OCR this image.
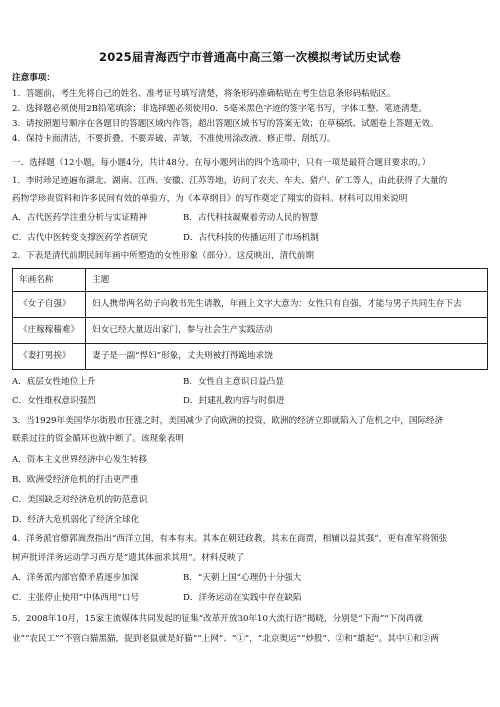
2025届青海西宁市普通高中高三第一次模拟考试历史试卷
注意事项：
1．答题前，考生先将自己的姓名、准考证号填写清楚，将条形码准确粘贴在考生信息条形码粘贴区。
2．选择题必须使用2B铅笔填涂；非选择题必须使用0．5毫米黑色字迹的签字笔书写，字体工整、笔迹清楚。
3．请按照题号顺序在各题目的答题区域内作答，超出答题区域书写的答案无效；在草稿纸、试题卷上答题无效。
4．保持卡面清洁，不要折叠，不要弄破、弄皱，不准使用涂改液、修正带、刮纸刀。
一．选择题（12小题，每小题4分，共计48分。在每小题列出的四个选项中，只有一项是最符合题目要求的。）
1．李时珍足迹遍布湖北、湖南、江西、安徽、江苏等地，访问了农夫、车夫、猎户、矿工等人，由此获得了大量的
药物学珍贵资料和许多民间有效的单验方，为《本草纲目》的写作奠定了翔实的资料。材料可以用来说明
A．古代医药学注重分析与实证精神	B．古代科技凝聚着劳动人民的智慧
C．古代中医转变支撑医药学者研究	D．古代科技的传播运用了市场机制
2．下表是清代前期民间年画中所塑造的女性形象（部分）。这反映出，清代前期
年画名称	主题
《女子自强》	妇人携带两名幼子向教书先生请教，年画上文字大意为：女性只有自强，才能与男子共同生存下去
《庄稼稼穑难》	妇女已经大量迈出家门，参与社会生产实践活动
《妻打男挨》	妻子是一副“悍妇”形象，丈夫则被打得跪地求饶
A．底层女性地位上升	B．女性自主意识日益凸显
C．女性维权意识强烈	D．封建礼教内容与时俱进
3．当1929年美国华尔街股市狂涨之时，美国减少了向欧洲的投资，欧洲的经济立即就陷入了危机之中，国际经济
联系过往的资金循环也就中断了。该现象表明
A．资本主义世界经济中心发生转移
B．欧洲受经济危机的打击更严重
C．美国缺乏对经济危机的防范意识
D．经济大危机弱化了经济全球化
4．洋务派官僚郭嵩焘指出“西洋立国，有本有末。其本在朝廷政教，其末在商贾，相辅以益其强”，更有准军将领张
树声批评洋务运动学习西方是“遗其体面求其用”。材料反映了
A．洋务派内部官僚矛盾逐步加深	B．“天朝上国”心理仍十分强大
C．主张停止使用“中体西用”口号	D．洋务运动在实践中存在缺陷
5．2008年10月，15家主流媒体共同发起的征集“改革开放30年10大流行语”揭晓，分别是“下海”“下岗再就
业”“农民工”“不管白猫黑猫，捉到老鼠就是好猫”“上网”、“①”，“北京奥运”“炒股”、②和“雄起”。其中①和②两
